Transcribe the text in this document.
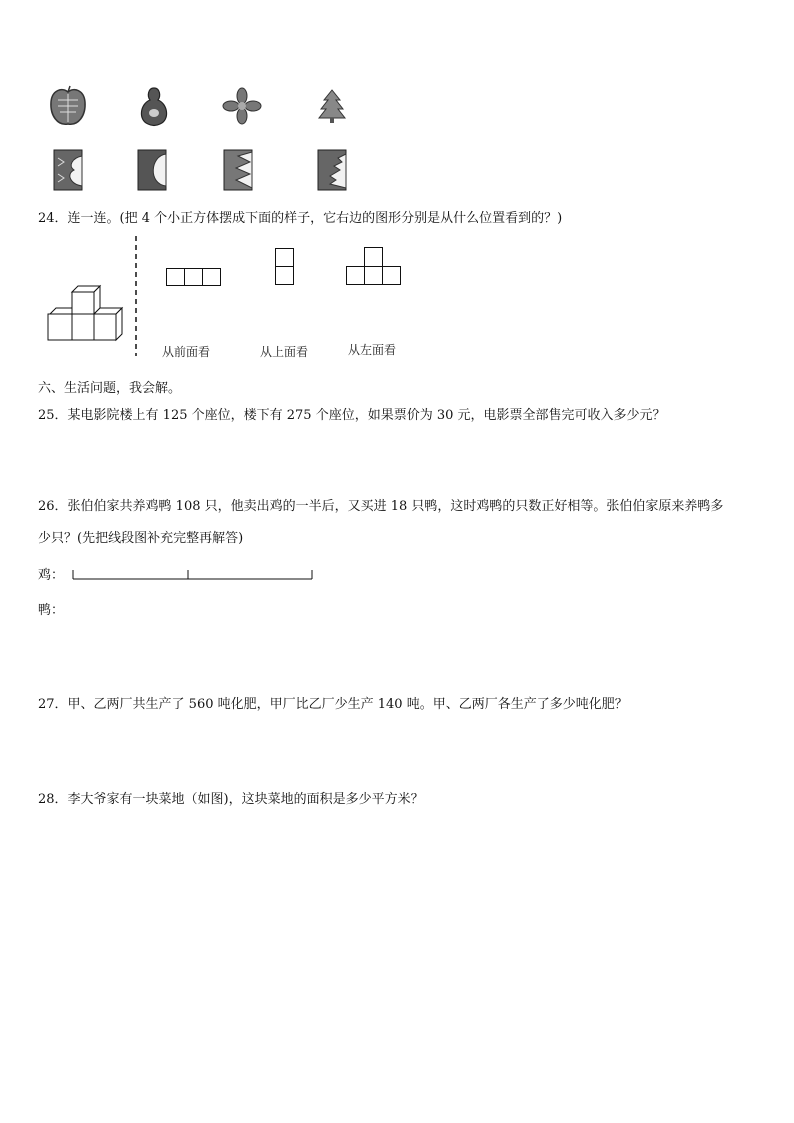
24．连一连。(把 4 个小正方体摆成下面的样子，它右边的图形分别是从什么位置看到的？)
从前面看	从上面看	从左面看
六、生活问题，我会解。
25．某电影院楼上有 125 个座位，楼下有 275 个座位，如果票价为 30 元，电影票全部售完可收入多少元？
26．张伯伯家共养鸡鸭 108 只，他卖出鸡的一半后，又买进 18 只鸭，这时鸡鸭的只数正好相等。张伯伯家原来养鸭多
少只？(先把线段图补充完整再解答)
鸡：
鸭：
27．甲、乙两厂共生产了 560 吨化肥，甲厂比乙厂少生产 140 吨。甲、乙两厂各生产了多少吨化肥？
28．李大爷家有一块菜地（如图)，这块菜地的面积是多少平方米？
